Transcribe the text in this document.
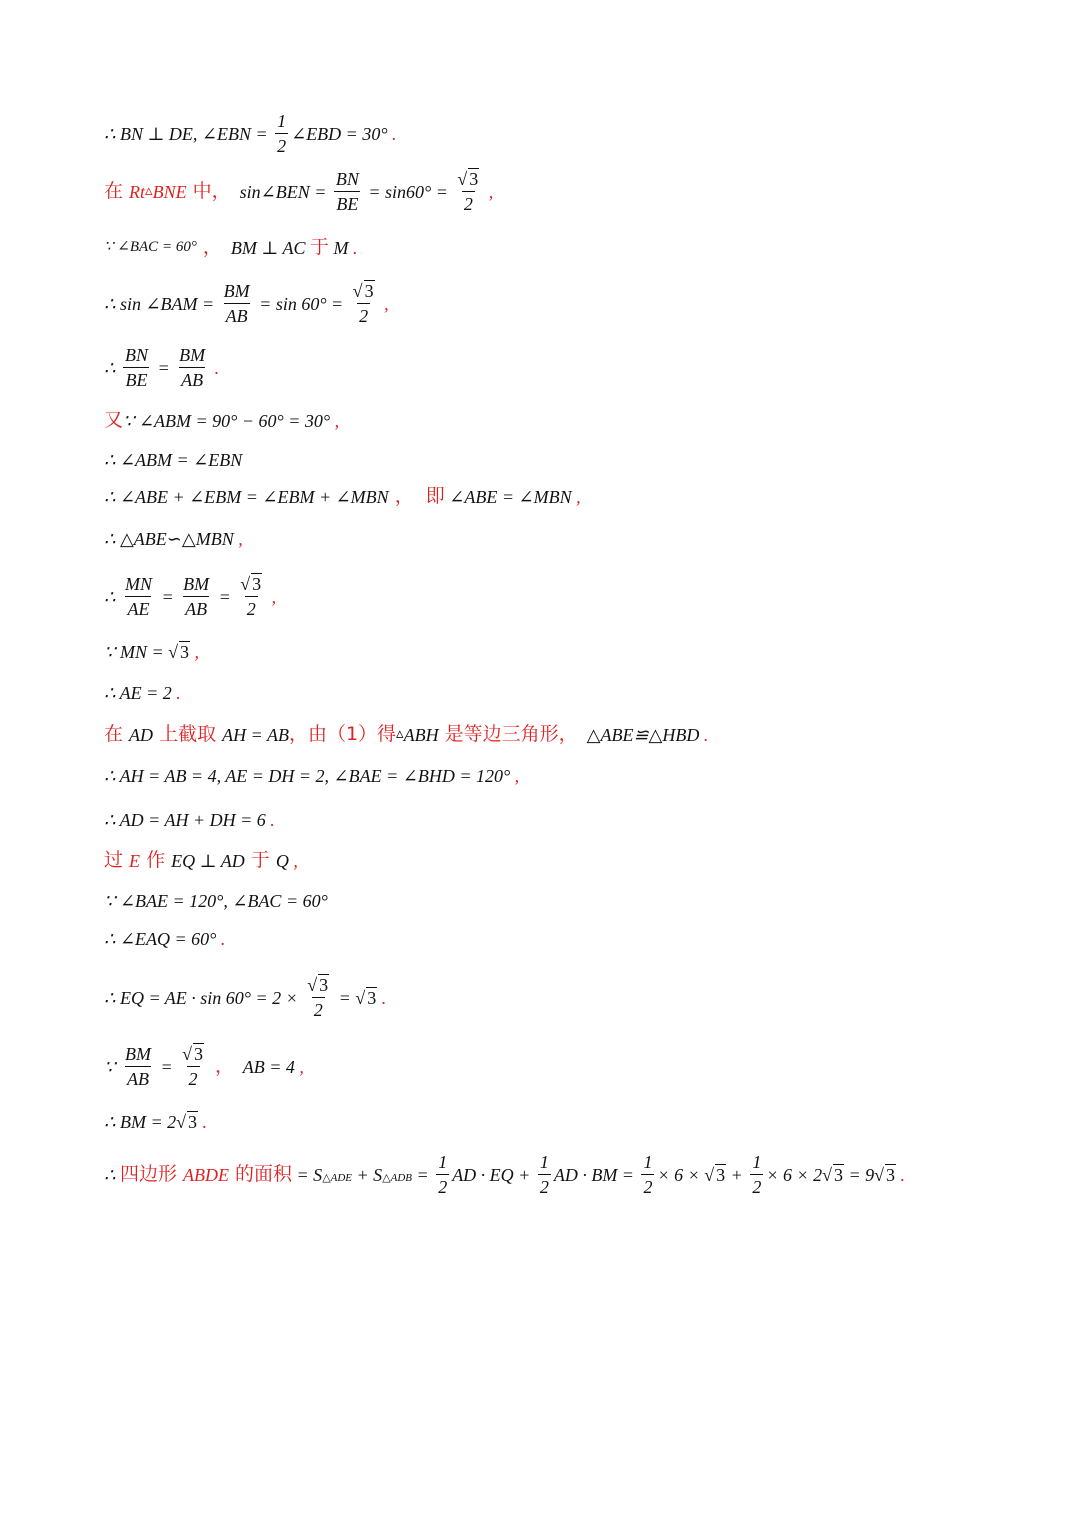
∴ BN ⊥ DE, ∠EBN = $\frac{1}{2}$ ∠EBD = 30° .
在 Rt ▵ BNE 中， sin∠BEN = $\frac{BN}{BE} = \sin 60^\circ = \frac{√ 3}{2}$ ,
∵ ∠BAC = 60° ， BM ⊥ AC 于 M .
∴ sin ∠BAM = $\frac{BM}{AB} = \sin 60^\circ = \frac{√ 3}{2}$ ,
∴ $\frac{BN}{BE} = \frac{BM}{AB}$ .
又 ∵ ∠ABM = 90° − 60° = 30° ,
∴ ∠ABM = ∠EBN
∴ ∠ABE + ∠EBM = ∠EBM + ∠MBN ，  即 ∠ABE = ∠MBN ,
∴ △ABE∽△MBN ,
∴ $\frac{MN}{AE} = \frac{BM}{AB} = \frac{√ 3}{2}$ ,
∵ MN = √ 3 ,
∴ AE = 2 .
在 AD 上截取 AH = AB ，由（1）得 ▵ ABH 是等边三角形， △ABE≌△HBD .
∴ AH = AB = 4, AE = DH = 2, ∠BAE = ∠BHD = 120° ,
∴ AD = AH + DH = 6 .
过 E 作 EQ ⊥ AD 于 Q ,
∵ ∠BAE = 120°, ∠BAC = 60°
∴ ∠EAQ = 60° .
∴ EQ = AE · $\sin 60^\circ = 2 \times \frac{√ 3}{2}$ = √ 3 .
∵ $\frac{BM}{AB} = \frac{√ 3}{2}$ ， AB = 4 ,
∴ BM = 2 √ 3 .
∴ 四边形 ABDE 的面积 = S △ADE + S △ADB = $\frac{1}{2}$ AD · EQ + $\frac{1}{2}$ AD · BM = $\frac{1}{2} \times 6$ × √ $3 + \frac{1}{2} \times 6 \times 2$ √ 3 = 9 √ 3 .
